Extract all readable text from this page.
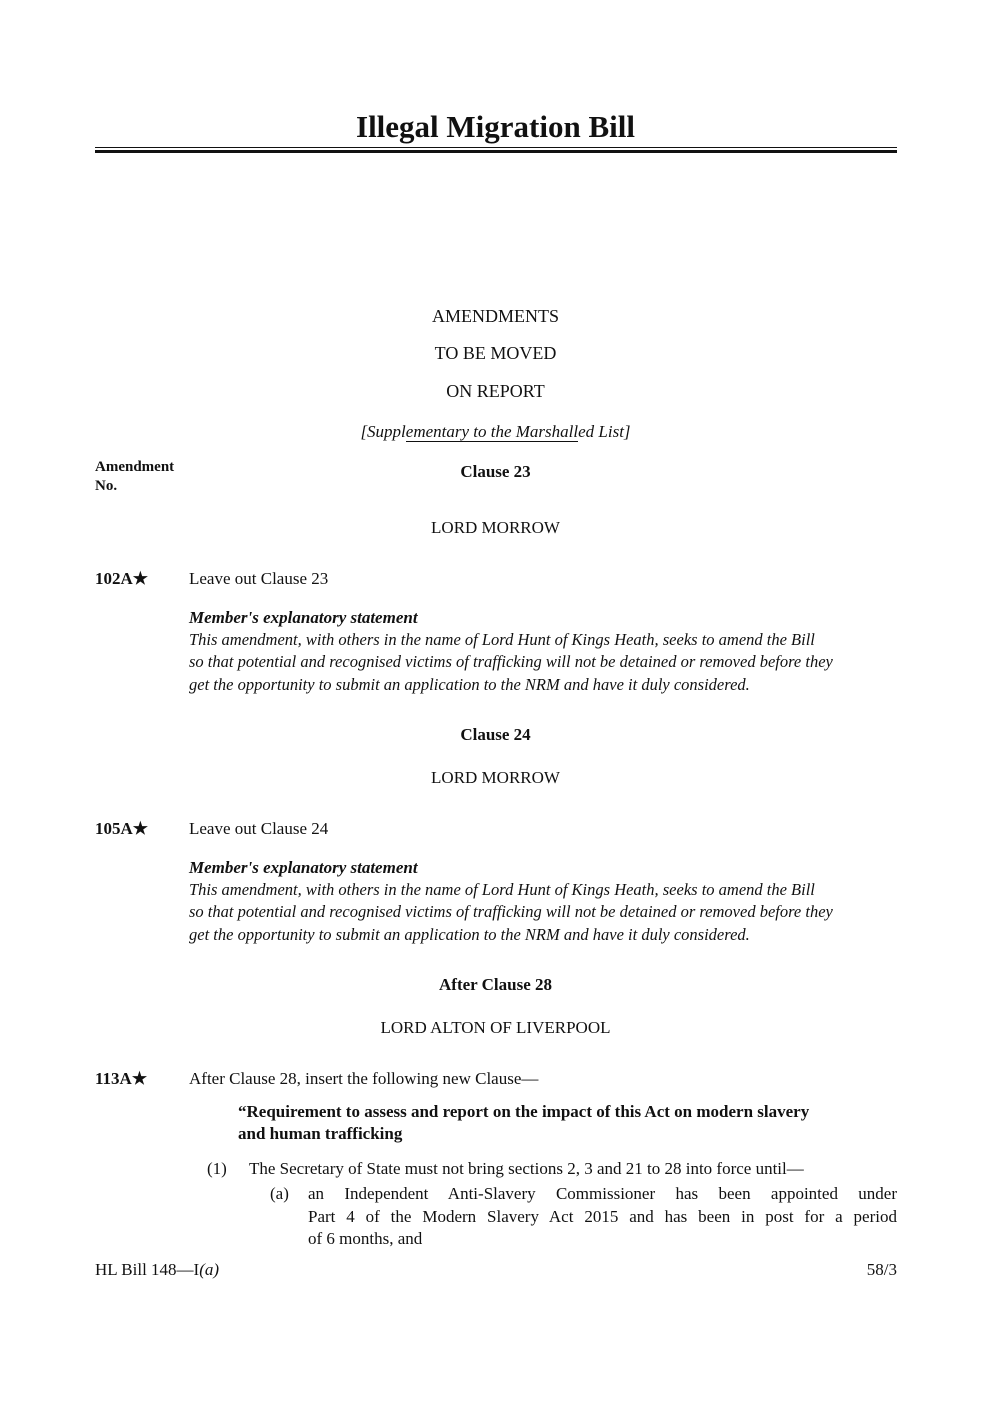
Illegal Migration Bill
AMENDMENTS
TO BE MOVED
ON REPORT
[Supplementary to the Marshalled List]
Amendment
No.
Clause 23
LORD MORROW
102A★ Leave out Clause 23
Member's explanatory statement
This amendment, with others in the name of Lord Hunt of Kings Heath, seeks to amend the Bill
so that potential and recognised victims of trafficking will not be detained or removed before they
get the opportunity to submit an application to the NRM and have it duly considered.
Clause 24
LORD MORROW
105A★ Leave out Clause 24
Member's explanatory statement
This amendment, with others in the name of Lord Hunt of Kings Heath, seeks to amend the Bill
so that potential and recognised victims of trafficking will not be detained or removed before they
get the opportunity to submit an application to the NRM and have it duly considered.
After Clause 28
LORD ALTON OF LIVERPOOL
113A★ After Clause 28, insert the following new Clause—
“Requirement to assess and report on the impact of this Act on modern slavery
and human trafficking
(1) The Secretary of State must not bring sections 2, 3 and 21 to 28 into force until—
(a) an Independent Anti-Slavery Commissioner has been appointed under
Part 4 of the Modern Slavery Act 2015 and has been in post for a period
of 6 months, and
HL Bill 148—I(a)	58/3
